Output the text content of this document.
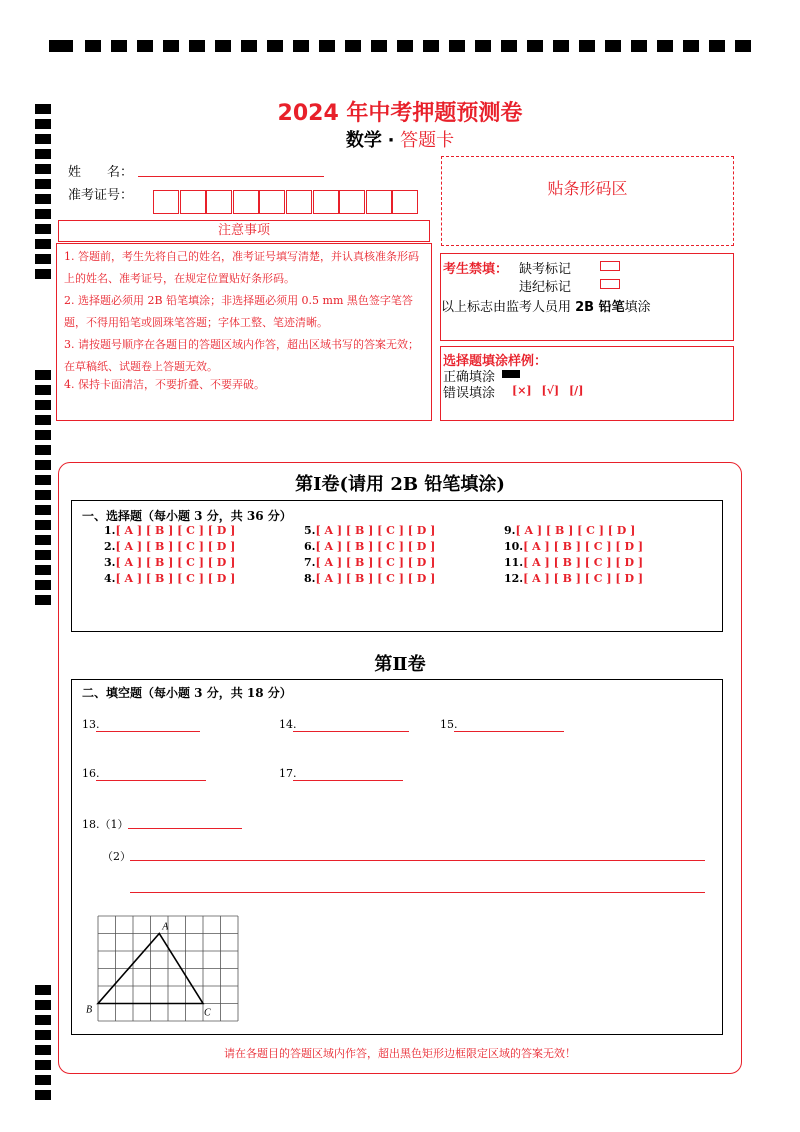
2024 年中考押题预测卷
数学 · 答题卡
姓　　名：
准考证号：	贴条形码区
注意事项
1. 答题前，考生先将自己的姓名，准考证号填写清楚，并认真核准条形码上的姓名、准考证号，在规定位置贴好条形码。
2. 选择题必须用 2B 铅笔填涂；非选择题必须用 0.5 mm 黑色签字笔答题，不得用铅笔或圆珠笔答题；字体工整、笔迹清晰。
3. 请按题号顺序在各题目的答题区域内作答，超出区域书写的答案无效；在草稿纸、试题卷上答题无效。
4. 保持卡面清洁，不要折叠、不要弄破。
考生禁填： 缺考标记
违纪标记
以上标志由监考人员用 2B 铅笔填涂
选择题填涂样例：
正确填涂
错误填涂 [×] [√] [/]
第Ⅰ卷(请用 2B 铅笔填涂)
一、选择题（每小题 3 分，共 36 分）
1.[ A ] [ B ] [ C ] [ D ]
2.[ A ] [ B ] [ C ] [ D ]
3.[ A ] [ B ] [ C ] [ D ]
4.[ A ] [ B ] [ C ] [ D ]
5.[ A ] [ B ] [ C ] [ D ]
6.[ A ] [ B ] [ C ] [ D ]
7.[ A ] [ B ] [ C ] [ D ]
8.[ A ] [ B ] [ C ] [ D ]
9.[ A ] [ B ] [ C ] [ D ]
10.[ A ] [ B ] [ C ] [ D ]
11.[ A ] [ B ] [ C ] [ D ]
12.[ A ] [ B ] [ C ] [ D ]
第Ⅱ卷
二、填空题（每小题 3 分，共 18 分）
13.	14.	15.
16.	17.
18.（1）
（2）
A
B	C
请在各题目的答题区域内作答，超出黑色矩形边框限定区域的答案无效！
